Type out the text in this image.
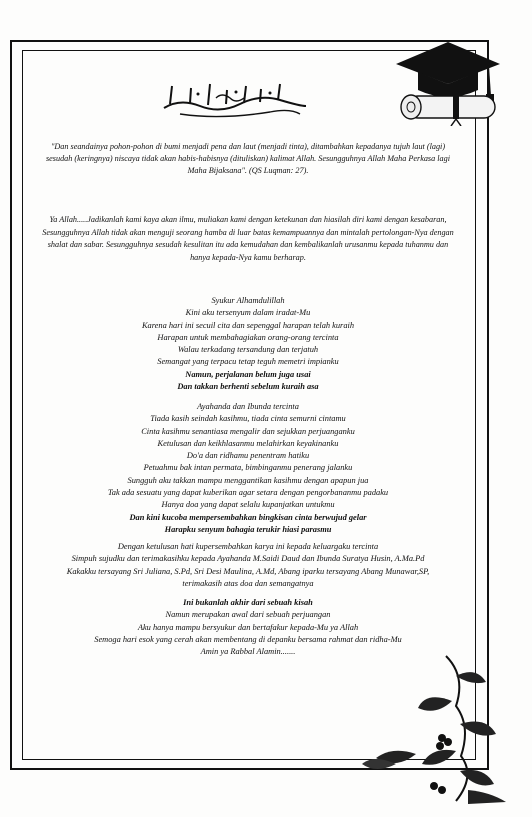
"Dan seandainya pohon-pohon di bumi menjadi pena dan laut (menjadi tinta), ditambahkan kepadanya tujuh laut (lagi) sesudah (keringnya) niscaya tidak akan habis-habisnya (dituliskan) kalimat Allah. Sesungguhnya Allah Maha Perkasa lagi Maha Bijaksana". (QS Luqman: 27).
Ya Allah.....Jadikanlah kami kaya akan ilmu, muliakan kami dengan ketekunan dan hiasilah diri kami dengan kesabaran, Sesungguhnya Allah tidak akan menguji seorang hamba di luar batas kemampuannya dan mintalah pertolongan-Nya dengan shalat dan sabar. Sesungguhnya sesudah kesulitan itu ada kemudahan dan kembalikanlah urusanmu kepada tuhanmu dan hanya kepada-Nya kamu berharap.

Syukur Alhamdulillah

Kini aku tersenyum dalam iradat-Mu

Karena hari ini secuil cita dan sepenggal harapan telah kuraih

Harapan untuk membahagiakan orang-orang tercinta

Walau terkadang tersandung dan terjatuh

Semangat yang terpacu tetap teguh memetri impianku

Namun, perjalanan belum juga usai

Dan takkan berhenti sebelum kuraih asa

Ayahanda dan Ibunda tercinta

Tiada kasih seindah kasihmu, tiada cinta semurni cintamu

Cinta kasihmu senantiasa mengalir dan sejukkan perjuanganku

Ketulusan dan keikhlasanmu melahirkan keyakinanku

Do'a dan ridhamu penentram hatiku

Petuahmu bak intan permata, bimbinganmu penerang jalanku

Sungguh aku takkan mampu menggantikan kasihmu dengan apapun jua

Tak ada sesuatu yang dapat kuberikan agar setara dengan pengorbananmu padaku

Hanya doa yang dapat selalu kupanjatkan untukmu

Dan kini kucoba mempersembahkan bingkisan cinta berwujud gelar

Harapku senyum bahagia terukir hiasi parasmu

Dengan ketulusan hati kupersembahkan karya ini kepada keluargaku tercinta

Simpuh sujudku dan terimakasihku kepada Ayahanda M.Saidi Daud dan Ibunda Suratya Husin, A.Ma.Pd

Kakakku tersayang Sri Juliana, S.Pd, Sri Desi Maulina, A.Md, Abang iparku tersayang Abang Munawar,SP,

terimakasih atas doa dan semangatnya

Ini bukanlah akhir dari sebuah kisah

Namun merupakan awal dari sebuah perjuangan

Aku hanya mampu bersyukur dan bertafakur kepada-Mu ya Allah

Semoga hari esok yang cerah akan membentang di depanku bersama rahmat dan ridha-Mu

Amin ya Rabbal Alamin.......
